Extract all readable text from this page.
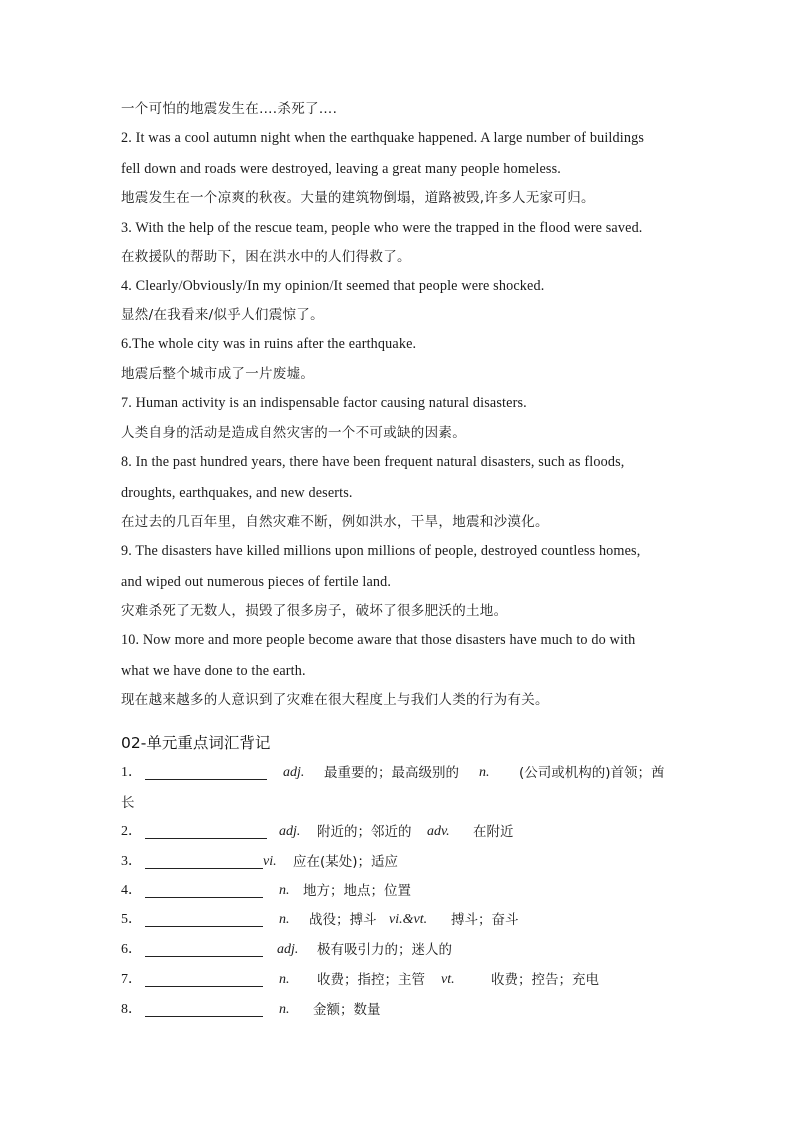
一个可怕的地震发生在….杀死了….
2. It was a cool autumn night when the earthquake happened. A large number of buildings
fell down and roads were destroyed, leaving a great many people homeless.
地震发生在一个凉爽的秋夜。大量的建筑物倒塌，道路被毁,许多人无家可归。
3. With the help of the rescue team, people who were the trapped in the flood were saved.
在救援队的帮助下，困在洪水中的人们得救了。
4. Clearly/Obviously/In my opinion/It seemed that people were shocked.
显然/在我看来/似乎人们震惊了。
6.The whole city was in ruins after the earthquake.
地震后整个城市成了一片废墟。
7. Human activity is an indispensable factor causing natural disasters.
人类自身的活动是造成自然灾害的一个不可或缺的因素。
8. In the past hundred years, there have been frequent natural disasters, such as floods,
droughts, earthquakes, and new deserts.
在过去的几百年里，自然灾难不断，例如洪水，干旱，地震和沙漠化。
9. The disasters have killed millions upon millions of people, destroyed countless homes,
and wiped out numerous pieces of fertile land.
灾难杀死了无数人，损毁了很多房子，破坏了很多肥沃的土地。
10. Now more and more people become aware that those disasters have much to do with
what we have done to the earth.
现在越来越多的人意识到了灾难在很大程度上与我们人类的行为有关。
02-单元重点词汇背记
1．	adj. 最重要的；最高级别的 n. (公司或机构的)首领；酋
长
2．	adj. 附近的；邻近的 adv. 在附近
3．	vi. 应在(某处)；适应
4．	n. 地方；地点；位置
5．	n. 战役；搏斗 vi.&vt. 搏斗；奋斗
6．	adj. 极有吸引力的；迷人的
7．	n. 收费；指控；主管 vt.	收费；控告；充电
8．	n. 金额；数量
